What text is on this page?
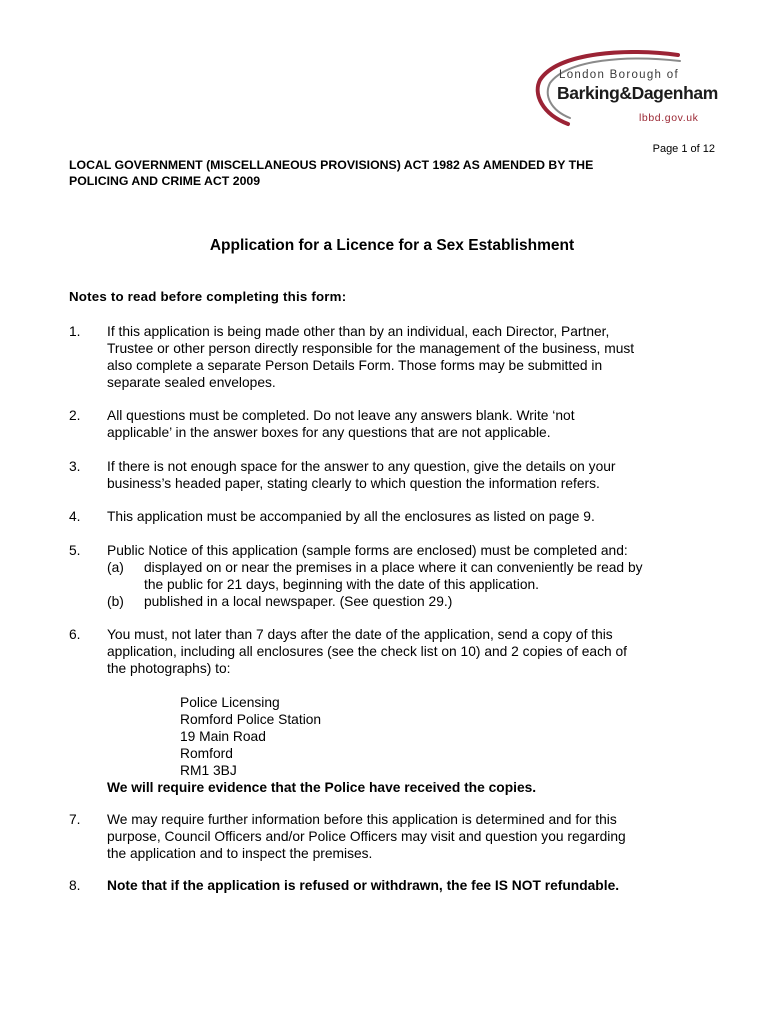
London Borough of
Barking&Dagenham
lbbd.gov.uk
Page 1 of 12
LOCAL GOVERNMENT (MISCELLANEOUS PROVISIONS) ACT 1982 AS AMENDED BY THE
POLICING AND CRIME ACT 2009
Application for a Licence for a Sex Establishment
Notes to read before completing this form:
1. If this application is being made other than by an individual, each Director, Partner,
Trustee or other person directly responsible for the management of the business, must
also complete a separate Person Details Form. Those forms may be submitted in
separate sealed envelopes.
2. All questions must be completed. Do not leave any answers blank. Write ‘not
applicable’ in the answer boxes for any questions that are not applicable.
3. If there is not enough space for the answer to any question, give the details on your
business’s headed paper, stating clearly to which question the information refers.
4. This application must be accompanied by all the enclosures as listed on page 9.
5. Public Notice of this application (sample forms are enclosed) must be completed and:
(a) displayed on or near the premises in a place where it can conveniently be read by
the public for 21 days, beginning with the date of this application.
(b) published in a local newspaper. (See question 29.)
6. You must, not later than 7 days after the date of the application, send a copy of this
application, including all enclosures (see the check list on 10) and 2 copies of each of
the photographs) to:
Police Licensing
Romford Police Station
19 Main Road
Romford
RM1 3BJ
We will require evidence that the Police have received the copies.
7. We may require further information before this application is determined and for this
purpose, Council Officers and/or Police Officers may visit and question you regarding
the application and to inspect the premises.
8. Note that if the application is refused or withdrawn, the fee IS NOT refundable.
